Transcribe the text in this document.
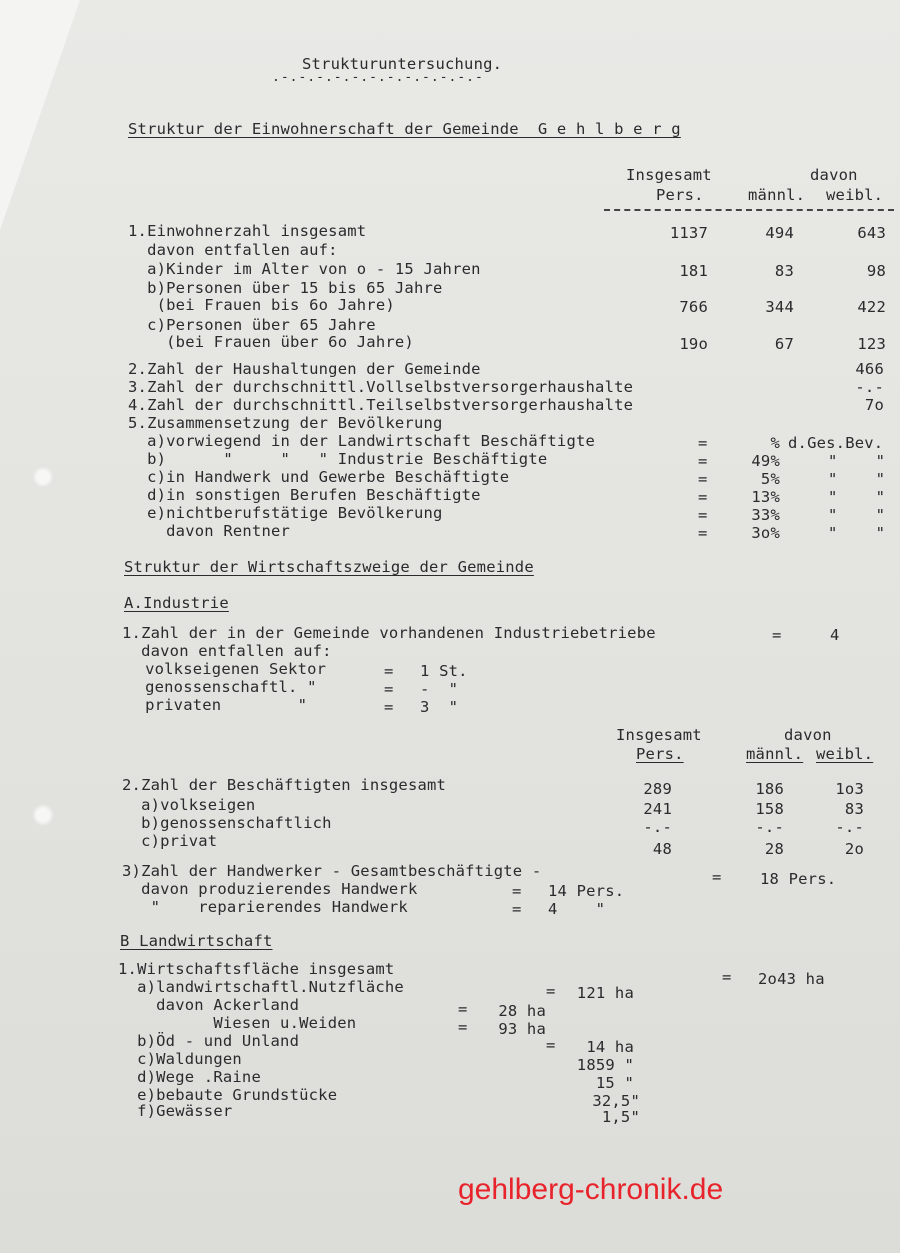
Strukturuntersuchung.
.-.-.-.-.-.-.-.-.-.-.-.-
Struktur der Einwohnerschaft der Gemeinde  G e h l b e r g
Insgesamt	davon
Pers.	männl. weibl.
1.Einwohnerzahl insgesamt	1137	494	643
davon entfallen auf:
a)Kinder im Alter von o - 15 Jahren	181	83	98
b)Personen über 15 bis 65 Jahre
(bei Frauen bis 6o Jahre)	766	344	422
c)Personen über 65 Jahre
(bei Frauen über 6o Jahre)	19o	67	123
2.Zahl der Haushaltungen der Gemeinde	466
3.Zahl der durchschnittl.Vollselbstversorgerhaushalte	-.-
4.Zahl der durchschnittl.Teilselbstversorgerhaushalte	7o
5.Zusammensetzung der Bevölkerung
a)vorwiegend in der Landwirtschaft Beschäftigte	=	% d.Ges.Bev.
b)      "     "   " Industrie Beschäftigte	=	49%	"    "
c)in Handwerk und Gewerbe Beschäftigte	=	5%	"    "
d)in sonstigen Berufen Beschäftigte	=	13%	"    "
e)nichtberufstätige Bevölkerung	=	33%	"    "
davon Rentner	=	3o%	"    "
Struktur der Wirtschaftszweige der Gemeinde
A.Industrie
1.Zahl der in der Gemeinde vorhandenen Industriebetriebe	=	4
davon entfallen auf:
volkseigenen Sektor	= 1 St.
genossenschaftl. "	= -  "
privaten        "	= 3  "
Insgesamt	davon
Pers.	männl. weibl.
2.Zahl der Beschäftigten insgesamt	289	186	1o3
a)volkseigen	241	158	83
b)genossenschaftlich	-.-	-.-	-.-
c)privat	48	28	2o
3)Zahl der Handwerker - Gesamtbeschäftigte -	= 18 Pers.
davon produzierendes Handwerk	= 14 Pers.
"    reparierendes Handwerk	= 4    "
B Landwirtschaft
1.Wirtschaftsfläche insgesamt	= 2o43 ha
a)landwirtschaftl.Nutzfläche	=	121 ha
davon Ackerland	=	28 ha
Wiesen u.Weiden	=	93 ha
b)Öd - und Unland	=	14 ha
c)Waldungen	1859 "
d)Wege .Raine	15 "
e)bebaute Grundstücke	32,5"
f)Gewässer	1,5"
gehlberg-chronik.de
